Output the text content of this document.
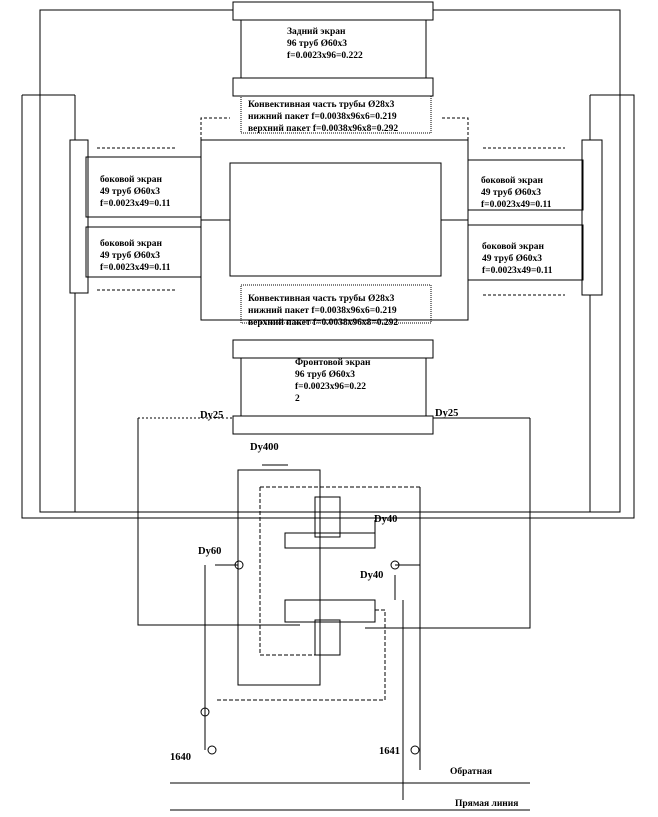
Задний экран
96 труб Ø60х3
f=0.0023х96=0.222
Конвективная часть трубы Ø28х3
нижний пакет f=0.0038х96х6=0.219
верхний пакет f=0.0038х96х8=0.292
боковой экран
49 труб Ø60х3
f=0.0023х49=0.11
боковой экран
49 труб Ø60х3
f=0.0023х49=0.11
боковой экран
49 труб Ø60х3
f=0.0023х49=0.11
боковой экран
49 труб Ø60х3
f=0.0023х49=0.11
Конвективная часть трубы Ø28х3
нижний пакет f=0.0038х96х6=0.219
верхний пакет f=0.0038х96х8=0.292
Фронтовой экран
96 труб Ø60х3
f=0.0023х96=0.22
2
Dy25	Dy25
Dy400
Dy40
Dy60
Dy40
1640
1641
Обратная
Прямая линия
